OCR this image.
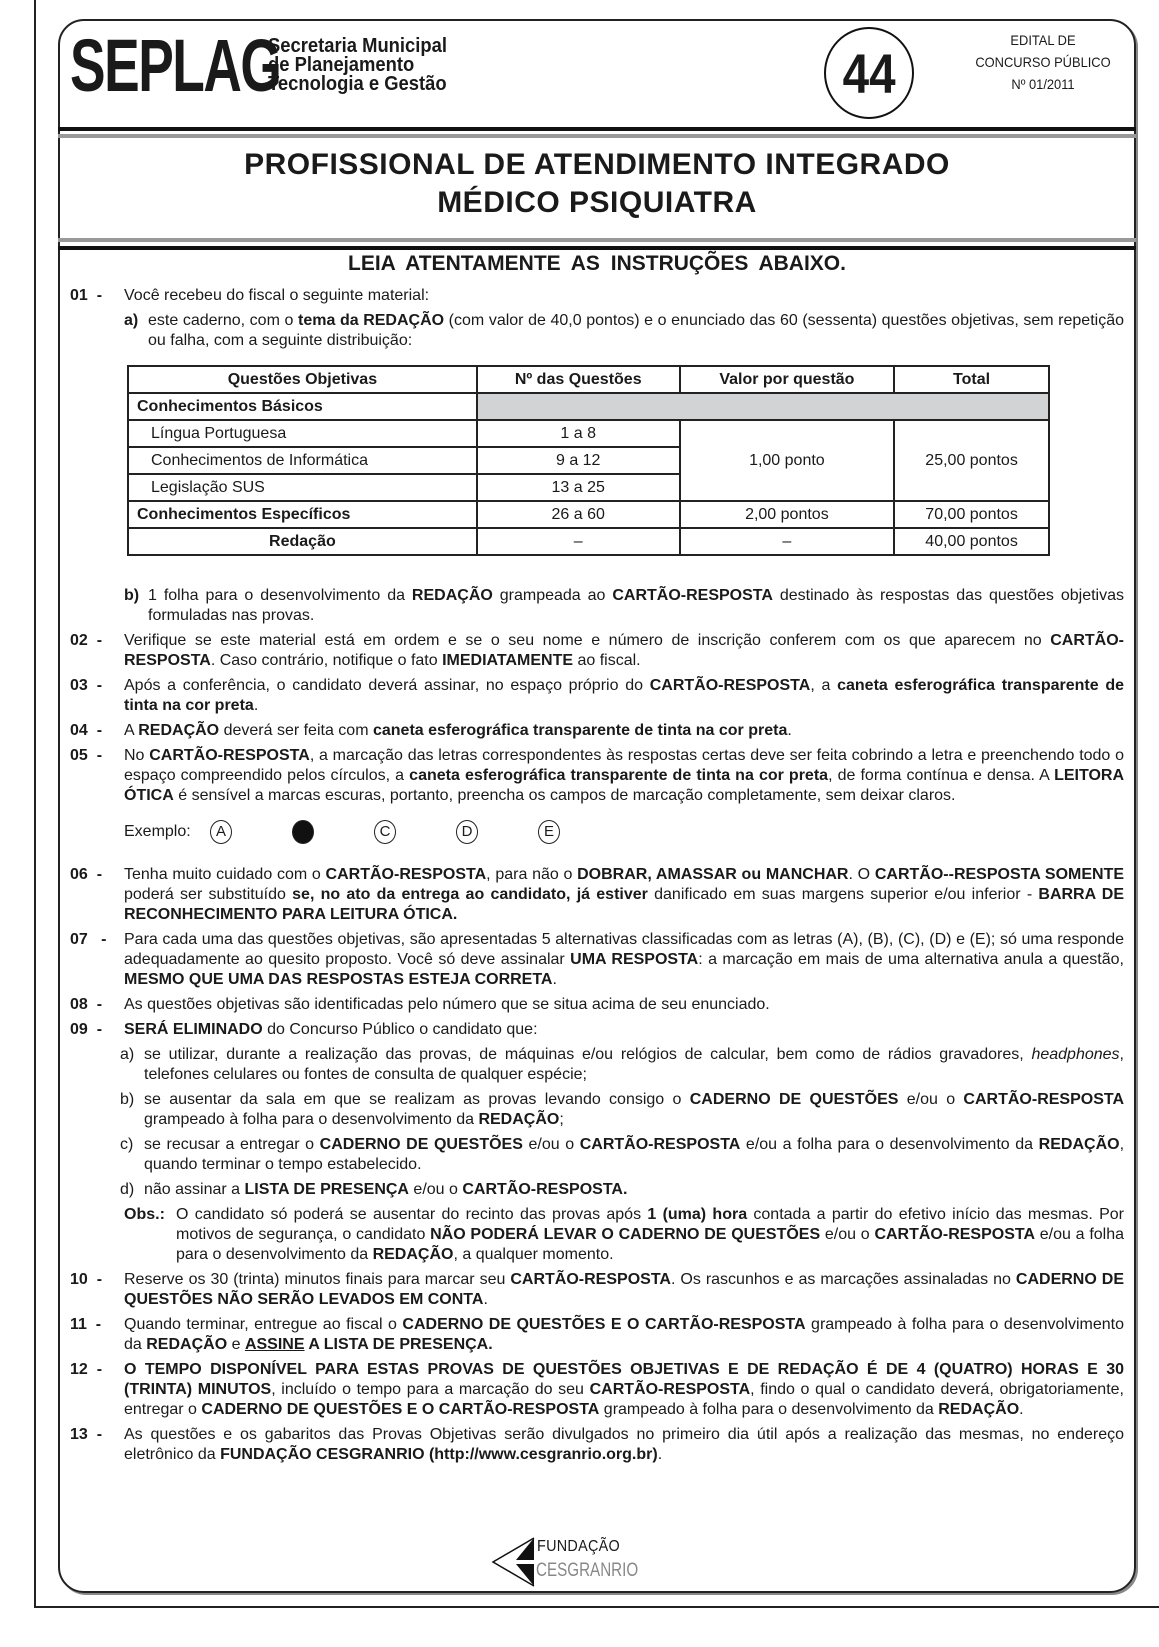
SEPLAG
Secretaria Municipal
de Planejamento
Tecnologia e Gestão	44
EDITAL DE
CONCURSO PÚBLICO
Nº 01/2011
PROFISSIONAL DE ATENDIMENTO INTEGRADO
MÉDICO PSIQUIATRA
LEIA ATENTAMENTE AS INSTRUÇÕES ABAIXO.
01  -	Você recebeu do fiscal o seguinte material:
a) este caderno, com o tema da REDAÇÃO (com valor de 40,0 pontos) e o enunciado das 60 (sessenta) questões objetivas, sem repetição ou falha, com a seguinte distribuição:
Questões Objetivas	Nº das Questões	Valor por questão	Total
Conhecimentos Básicos			
Língua Portuguesa	1 a 8	1,00 ponto	25,00 pontos
Conhecimentos de Informática	9 a 12		
Legislação SUS	13 a 25		
Conhecimentos Específicos	26 a 60	2,00 pontos	70,00 pontos
Redação	–	–	40,00 pontos
b) 1 folha para o desenvolvimento da REDAÇÃO grampeada ao CARTÃO-RESPOSTA destinado às respostas das questões objetivas formuladas nas provas.
02  -	Verifique se este material está em ordem e se o seu nome e número de inscrição conferem com os que aparecem no CARTÃO-RESPOSTA. Caso contrário, notifique o fato IMEDIATAMENTE ao fiscal.
03  -	Após a conferência, o candidato deverá assinar, no espaço próprio do CARTÃO-RESPOSTA, a caneta esferográfica transparente de tinta na cor preta.
04  -	A REDAÇÃO deverá ser feita com caneta esferográfica transparente de tinta na cor preta.
05  -	No CARTÃO-RESPOSTA, a marcação das letras correspondentes às respostas certas deve ser feita cobrindo a letra e preenchendo todo o espaço compreendido pelos círculos, a caneta esferográfica transparente de tinta na cor preta, de forma contínua e densa. A LEITORA ÓTICA é sensível a marcas escuras, portanto, preencha os campos de marcação completamente, sem deixar claros.
Exemplo:	A	C	D	E
06  -	Tenha muito cuidado com o CARTÃO-RESPOSTA, para não o DOBRAR, AMASSAR ou MANCHAR. O CARTÃO--RESPOSTA SOMENTE poderá ser substituído se, no ato da entrega ao candidato, já estiver danificado em suas margens superior e/ou inferior - BARRA DE RECONHECIMENTO PARA LEITURA ÓTICA.
07   -	Para cada uma das questões objetivas, são apresentadas 5 alternativas classificadas com as letras (A), (B), (C), (D) e (E); só uma responde adequadamente ao quesito proposto. Você só deve assinalar UMA RESPOSTA: a marcação em mais de uma alternativa anula a questão, MESMO QUE UMA DAS RESPOSTAS ESTEJA CORRETA.
08  -	As questões objetivas são identificadas pelo número que se situa acima de seu enunciado.
09  -	SERÁ ELIMINADO do Concurso Público o candidato que:
a) se utilizar, durante a realização das provas, de máquinas e/ou relógios de calcular, bem como de rádios gravadores, headphones, telefones celulares ou fontes de consulta de qualquer espécie;
b) se ausentar da sala em que se realizam as provas levando consigo o CADERNO DE QUESTÕES e/ou o CARTÃO-RESPOSTA grampeado à folha para o desenvolvimento da REDAÇÃO;
c) se recusar a entregar o CADERNO DE QUESTÕES e/ou o CARTÃO-RESPOSTA e/ou a folha para o desenvolvimento da REDAÇÃO, quando terminar o tempo estabelecido.
d) não assinar a LISTA DE PRESENÇA e/ou o CARTÃO-RESPOSTA.
Obs.: O candidato só poderá se ausentar do recinto das provas após 1 (uma) hora contada a partir do efetivo início das mesmas. Por motivos de segurança, o candidato NÃO PODERÁ LEVAR O CADERNO DE QUESTÕES e/ou o CARTÃO-RESPOSTA e/ou a folha para o desenvolvimento da REDAÇÃO, a qualquer momento.
10  -	Reserve os 30 (trinta) minutos finais para marcar seu CARTÃO-RESPOSTA. Os rascunhos e as marcações assinaladas no CADERNO DE QUESTÕES NÃO SERÃO LEVADOS EM CONTA.
11  -	Quando terminar, entregue ao fiscal o CADERNO DE QUESTÕES E O CARTÃO-RESPOSTA grampeado à folha para o desenvolvimento da REDAÇÃO e ASSINE A LISTA DE PRESENÇA.
12  -	O TEMPO DISPONÍVEL PARA ESTAS PROVAS DE QUESTÕES OBJETIVAS E DE REDAÇÃO É DE 4 (QUATRO) HORAS E 30 (TRINTA) MINUTOS, incluído o tempo para a marcação do seu CARTÃO-RESPOSTA, findo o qual o candidato deverá, obrigatoriamente, entregar o CADERNO DE QUESTÕES E O CARTÃO-RESPOSTA grampeado à folha para o desenvolvimento da REDAÇÃO.
13  -	As questões e os gabaritos das Provas Objetivas serão divulgados no primeiro dia útil após a realização das mesmas, no endereço eletrônico da FUNDAÇÃO CESGRANRIO (http://www.cesgranrio.org.br).
FUNDAÇÃO
CESGRANRIO
